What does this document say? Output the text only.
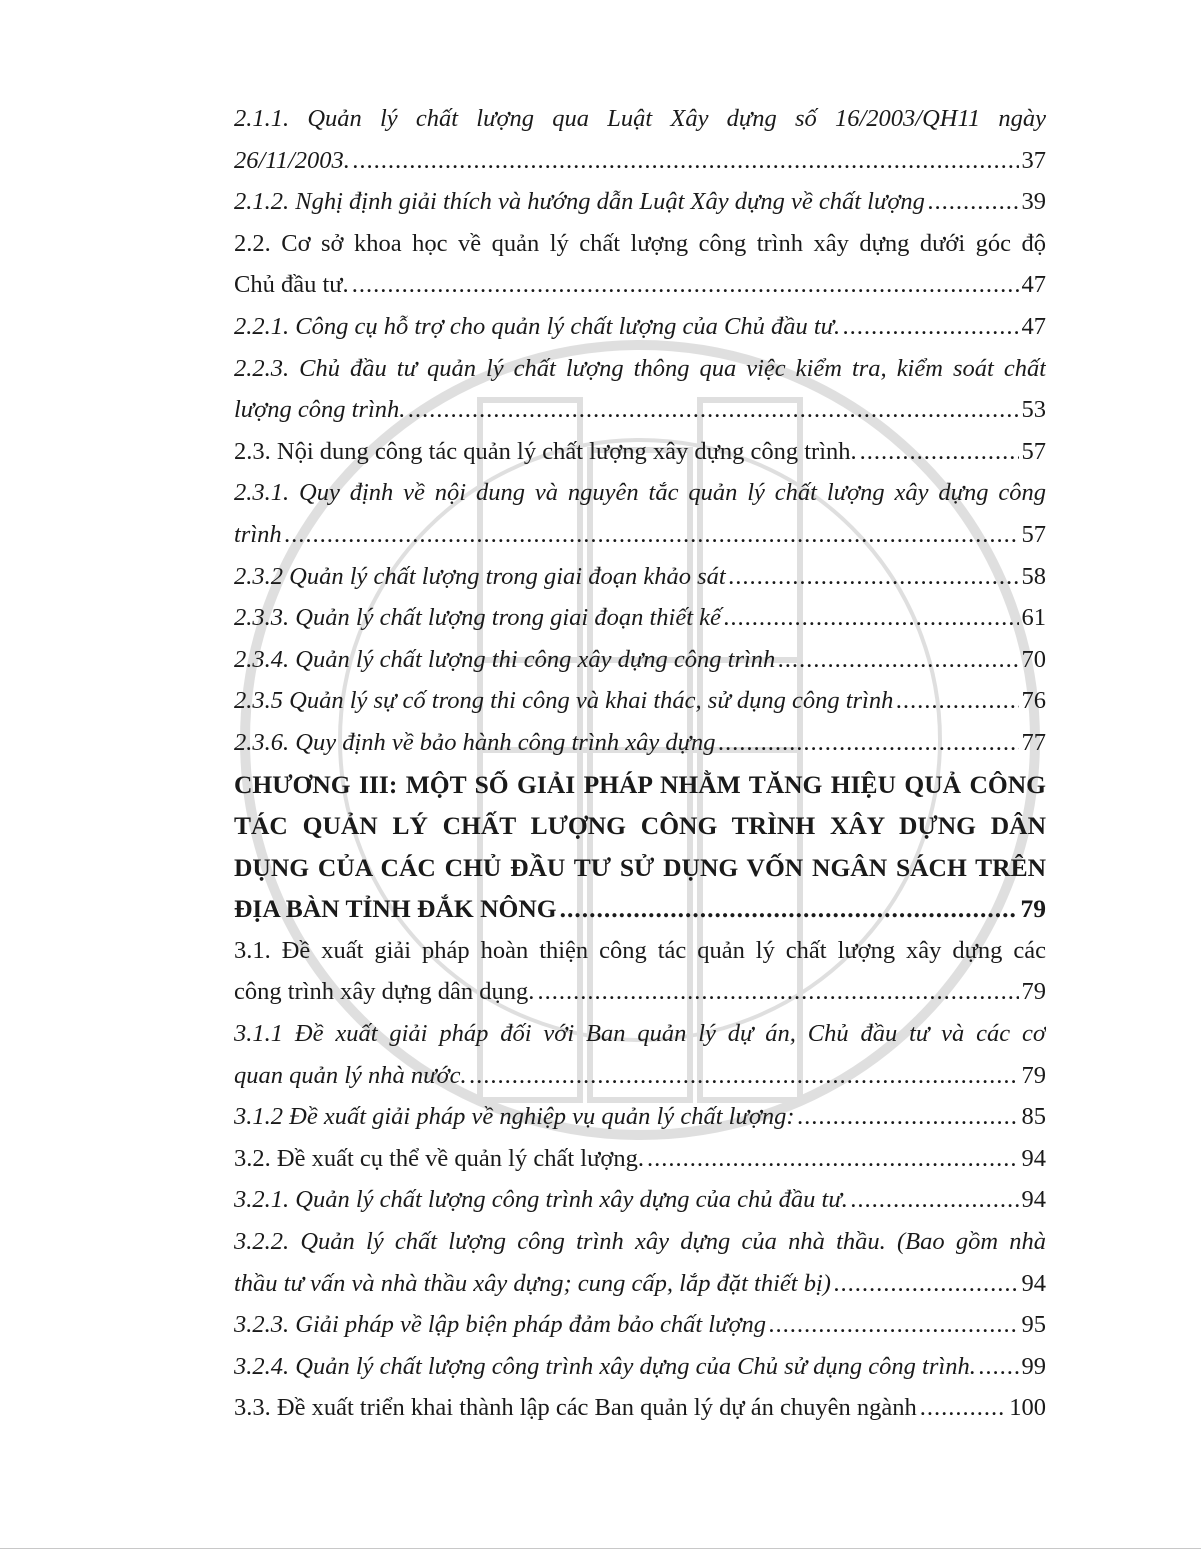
2.1.1. Quản lý chất lượng qua Luật Xây dựng số 16/2003/QH11 ngày
26/11/2003. .....	37
2.1.2. Nghị định giải thích và hướng dẫn Luật Xây dựng về chất lượng .....	39
2.2. Cơ sở khoa học về quản lý chất lượng công trình xây dựng dưới góc độ
Chủ đầu tư. .....	47
2.2.1. Công cụ hỗ trợ cho quản lý chất lượng của Chủ đầu tư. .....	47
2.2.3. Chủ đầu tư quản lý chất lượng thông qua việc kiểm tra, kiểm soát chất
lượng công trình. .....	53
2.3. Nội dung công tác quản lý chất lượng xây dựng công trình. .....	57
2.3.1. Quy định về nội dung và nguyên tắc quản lý chất lượng xây dựng công
trình .....	57
2.3.2 Quản lý chất lượng trong giai đoạn khảo sát .....	58
2.3.3. Quản lý chất lượng trong giai đoạn thiết kế .....	61
2.3.4. Quản lý chất lượng thi công xây dựng công trình .....	70
2.3.5 Quản lý sự cố trong thi công và khai thác, sử dụng công trình .....	76
2.3.6. Quy định về bảo hành công trình xây dựng .....	77
CHƯƠNG III: MỘT SỐ GIẢI PHÁP NHẰM TĂNG HIỆU QUẢ CÔNG
TÁC QUẢN LÝ CHẤT LƯỢNG CÔNG TRÌNH XÂY DỰNG DÂN
DỤNG CỦA CÁC CHỦ ĐẦU TƯ SỬ DỤNG VỐN NGÂN SÁCH TRÊN
ĐỊA BÀN TỈNH ĐẮK NÔNG .....	79
3.1. Đề xuất giải pháp hoàn thiện công tác quản lý chất lượng xây dựng các
công trình xây dựng dân dụng. .....	79
3.1.1 Đề xuất giải pháp đối với Ban quản lý dự án, Chủ đầu tư và các cơ
quan quản lý nhà nước. .....	79
3.1.2 Đề xuất giải pháp về nghiệp vụ quản lý chất lượng: .....	85
3.2. Đề xuất cụ thể về quản lý chất lượng. .....	94
3.2.1. Quản lý chất lượng công trình xây dựng của chủ đầu tư. .....	94
3.2.2. Quản lý chất lượng công trình xây dựng của nhà thầu. (Bao gồm nhà
thầu tư vấn và nhà thầu xây dựng; cung cấp, lắp đặt thiết bị) .....	94
3.2.3. Giải pháp về lập biện pháp đảm bảo chất lượng .....	95
3.2.4. Quản lý chất lượng công trình xây dựng của Chủ sử dụng công trình. ..... 99
3.3. Đề xuất triển khai thành lập các Ban quản lý dự án chuyên ngành .....	100
